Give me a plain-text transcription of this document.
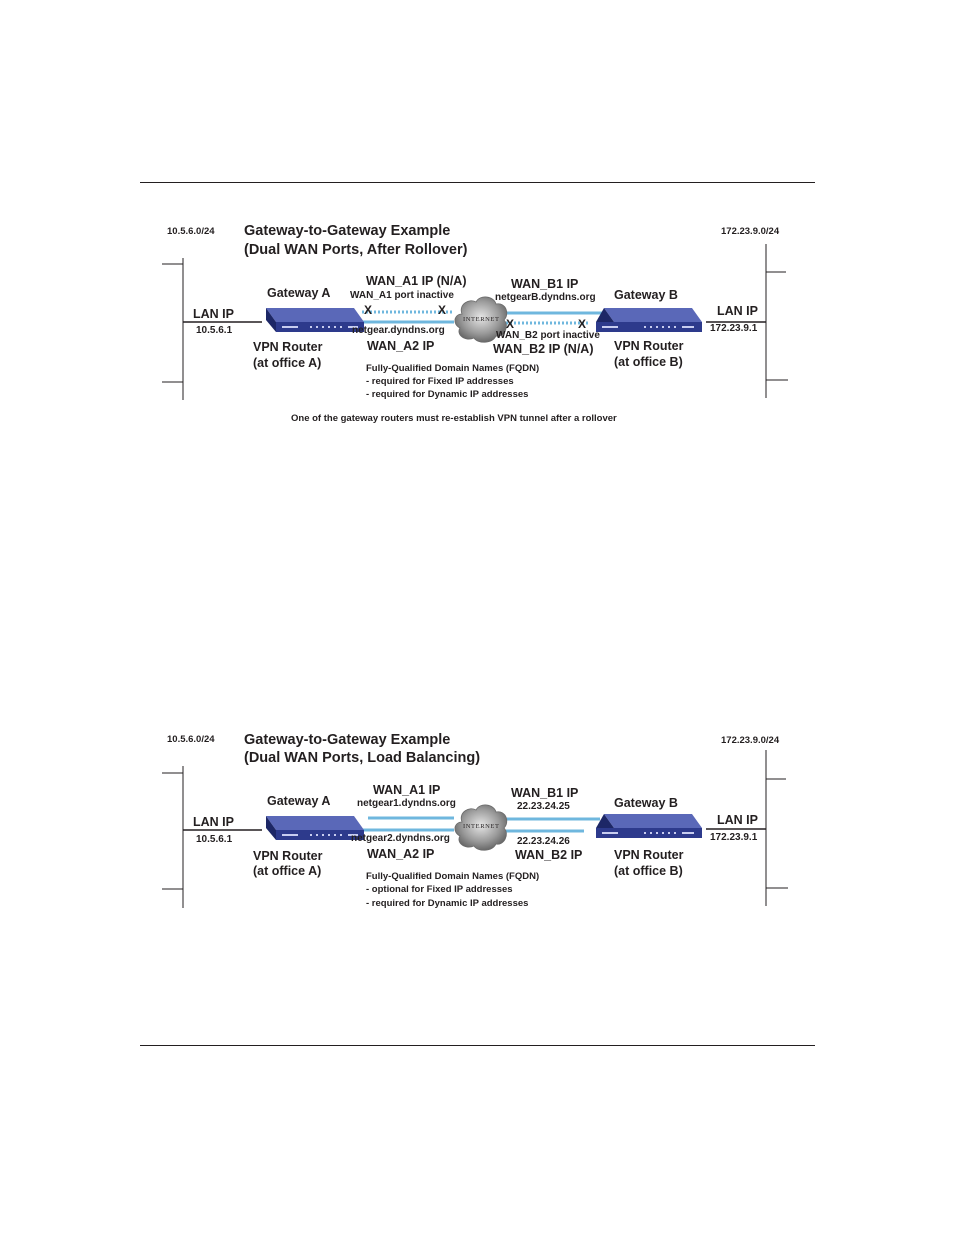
INTERNET
10.5.6.0/24	172.23.9.0/24
Gateway-to-Gateway Example
(Dual WAN Ports, After Rollover)
Gateway A
LAN IP
10.5.6.1
VPN Router
(at office A)
Gateway B
LAN IP
172.23.9.1
VPN Router
(at office B)
WAN_A1 IP (N/A)
WAN_A1 port inactive
X	X
netgear.dyndns.org
WAN_A2 IP
WAN_B1 IP
netgearB.dyndns.org
X	X
WAN_B2 port inactive
WAN_B2 IP (N/A)
Fully-Qualified Domain Names (FQDN)
- required for Fixed IP addresses
- required for Dynamic IP addresses
One of the gateway routers must re-establish VPN tunnel after a rollover
INTERNET
10.5.6.0/24	172.23.9.0/24
Gateway-to-Gateway Example
(Dual WAN Ports, Load Balancing)
Gateway A
LAN IP
10.5.6.1
VPN Router
(at office A)
Gateway B
LAN IP
172.23.9.1
VPN Router
(at office B)
WAN_A1 IP
netgear1.dyndns.org
netgear2.dyndns.org
WAN_A2 IP
WAN_B1 IP
22.23.24.25
22.23.24.26
WAN_B2 IP
Fully-Qualified Domain Names (FQDN)
- optional for Fixed IP addresses
- required for Dynamic IP addresses
